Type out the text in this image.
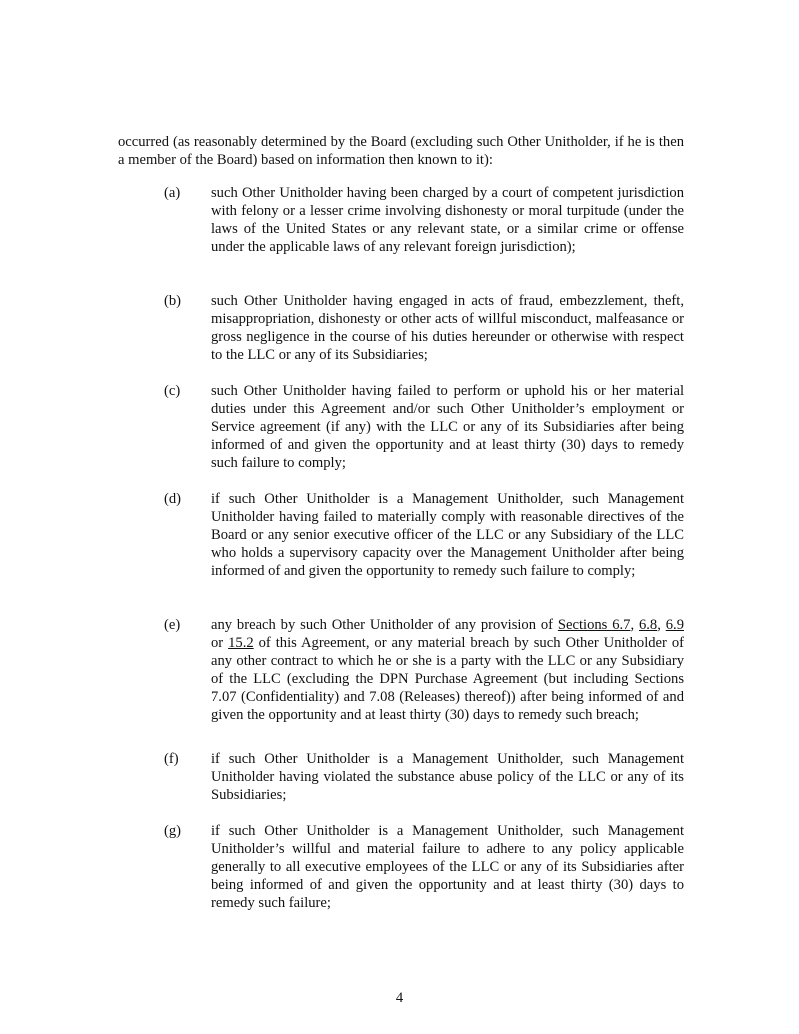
occurred (as reasonably determined by the Board (excluding such Other Unitholder, if he is then a member of the Board) based on information then known to it):

(a)	such Other Unitholder having been charged by a court of competent jurisdiction with felony or a lesser crime involving dishonesty or moral turpitude (under the laws of the United States or any relevant state, or a similar crime or offense under the applicable laws of any relevant foreign jurisdiction);

(b)	such Other Unitholder having engaged in acts of fraud, embezzlement, theft, misappropriation, dishonesty or other acts of willful misconduct, malfeasance or gross negligence in the course of his duties hereunder or otherwise with respect to the LLC or any of its Subsidiaries;

(c)	such Other Unitholder having failed to perform or uphold his or her material duties under this Agreement and/or such Other Unitholder’s employment or Service agreement (if any) with the LLC or any of its Subsidiaries after being informed of and given the opportunity and at least thirty (30) days to remedy such failure to comply;

(d)	if such Other Unitholder is a Management Unitholder, such Management Unitholder having failed to materially comply with reasonable directives of the Board or any senior executive officer of the LLC or any Subsidiary of the LLC who holds a supervisory capacity over the Management Unitholder after being informed of and given the opportunity to remedy such failure to comply;

(e)	any breach by such Other Unitholder of any provision of Sections 6.7, 6.8, 6.9 or 15.2 of this Agreement, or any material breach by such Other Unitholder of any other contract to which he or she is a party with the LLC or any Subsidiary of the LLC (excluding the DPN Purchase Agreement (but including Sections 7.07 (Confidentiality) and 7.08 (Releases) thereof)) after being informed of and given the opportunity and at least thirty (30) days to remedy such breach;

(f)	if such Other Unitholder is a Management Unitholder, such Management Unitholder having violated the substance abuse policy of the LLC or any of its Subsidiaries;

(g)	if such Other Unitholder is a Management Unitholder, such Management Unitholder’s willful and material failure to adhere to any policy applicable generally to all executive employees of the LLC or any of its Subsidiaries after being informed of and given the opportunity and at least thirty (30) days to remedy such failure;

4
